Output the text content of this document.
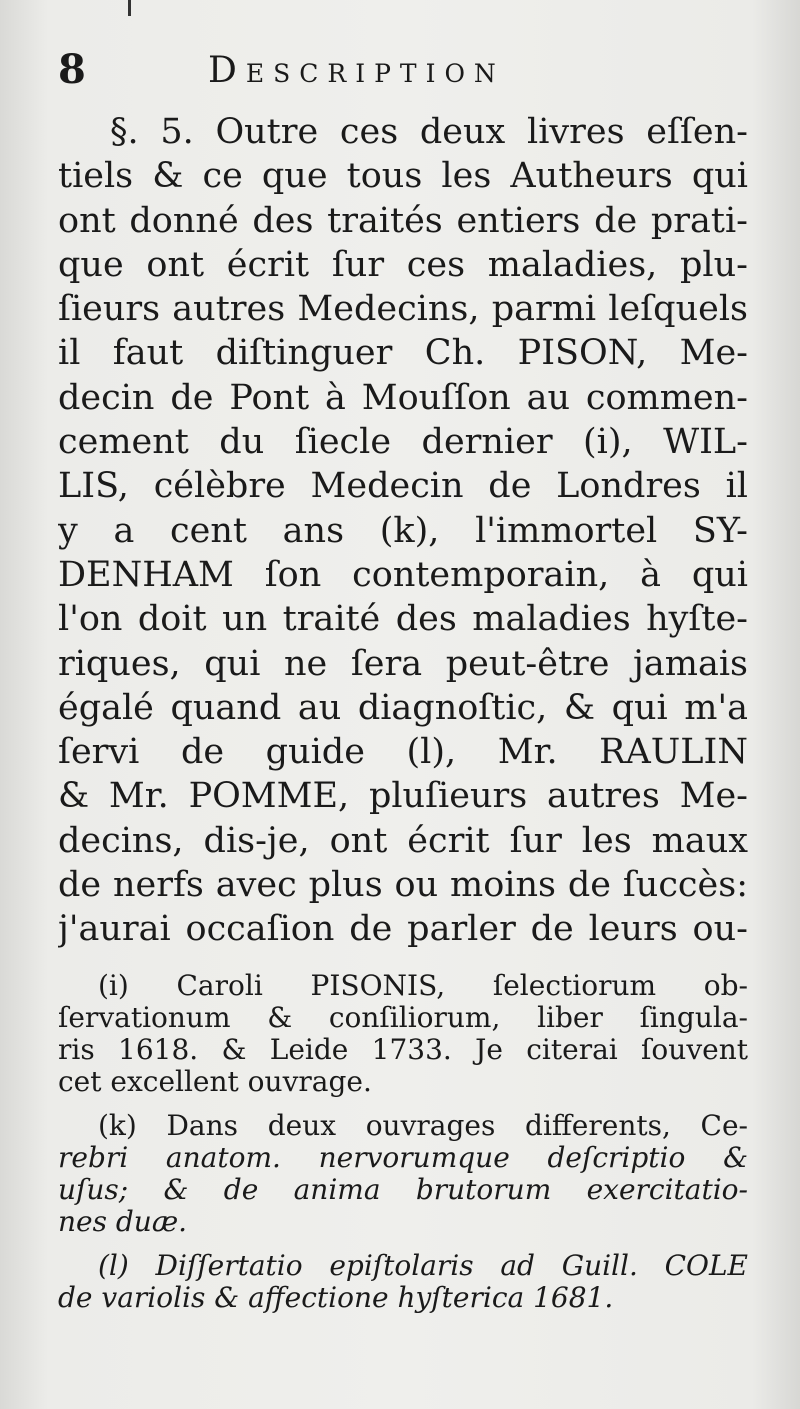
8	Description
§. 5. Outre ces deux livres eſſen-
tiels & ce que tous les Autheurs qui
ont donné des traités entiers de prati-
que ont écrit ſur ces maladies, plu-
ſieurs autres Medecins, parmi leſquels
il faut diſtinguer Ch. PISON, Me-
decin de Pont à Mouſſon au commen-
cement du ſiecle dernier (i), WIL-
LIS, célèbre Medecin de Londres il
y a cent ans (k), l'immortel SY-
DENHAM ſon contemporain, à qui
l'on doit un traité des maladies hyſte-
riques, qui ne ſera peut-être jamais
égalé quand au diagnoſtic, & qui m'a
ſervi de guide (l), Mr. RAULIN
& Mr. POMME, pluſieurs autres Me-
decins, dis-je, ont écrit ſur les maux
de nerfs avec plus ou moins de ſuccès:
j'aurai occaſion de parler de leurs ou-
(i) Caroli PISONIS, ſelectiorum ob-
ſervationum & conſiliorum, liber ſingula-
ris 1618. & Leide 1733. Je citerai ſouvent
cet excellent ouvrage.
(k) Dans deux ouvrages differents, Ce-
rebri anatom. nervorumque deſcriptio &
uſus; & de anima brutorum exercitatio-
nes duæ.
(l) Diſſertatio epiſtolaris ad Guill. COLE
de variolis & affectione hyſterica 1681.
